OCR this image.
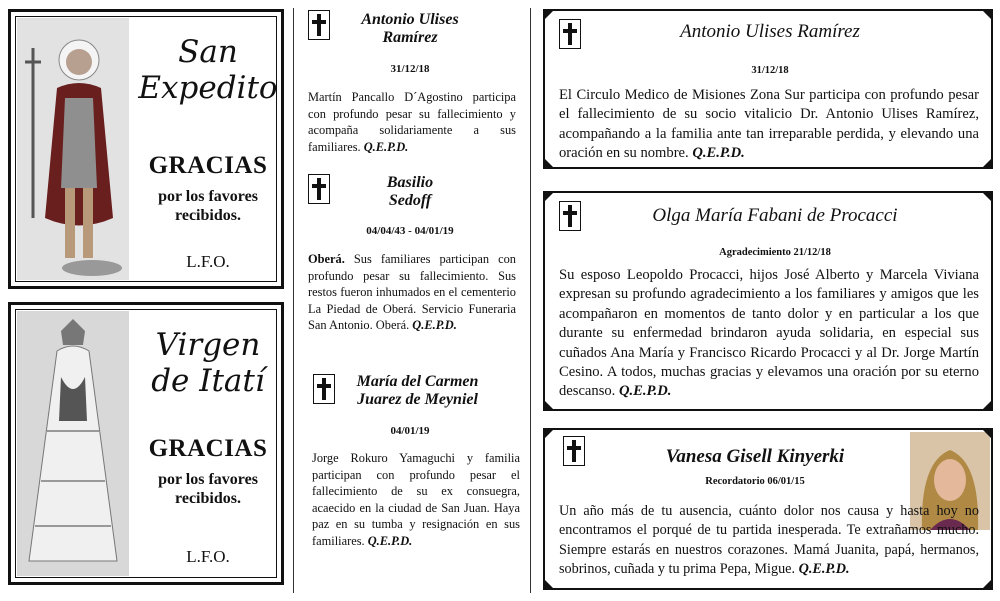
San Expedito
GRACIAS
por los favores recibidos.
L.F.O.
Virgen de Itatí
GRACIAS
por los favores recibidos.
L.F.O.
Antonio Ulises
Ramírez
31/12/18
Martín Pancallo D´Agostino participa con profundo pesar su fallecimiento y acompaña solidariamente a sus familiares. Q.E.P.D.
Basilio
Sedoff
04/04/43 - 04/01/19
Oberá. Sus familiares participan con profundo pesar su fallecimiento. Sus restos fueron inhumados en el cementerio La Piedad de Oberá. Servicio Funeraria San Antonio. Oberá. Q.E.P.D.
María del Carmen
Juarez de Meyniel
04/01/19
Jorge Rokuro Yamaguchi y familia participan con profundo pesar el fallecimiento de su ex consuegra, acaecido en la ciudad de San Juan. Haya paz en su tumba y resignación en sus familiares. Q.E.P.D.
Antonio Ulises Ramírez
31/12/18
El Circulo Medico de Misiones Zona Sur participa con profundo pesar el fallecimiento de su socio vitalicio Dr. Antonio Ulises Ramírez, acompañando a la familia ante tan irreparable perdida, y elevando una oración en su nombre. Q.E.P.D.
Olga María Fabani de Procacci
Agradecimiento 21/12/18
Su esposo Leopoldo Procacci, hijos José Alberto y Marcela Viviana expresan su profundo agradecimiento a los familiares y amigos que les acompañaron en momentos de tanto dolor y en particular a los que durante su enfermedad brindaron ayuda solidaria, en especial sus cuñados Ana María y Francisco Ricardo Procacci y al Dr. Jorge Martín Cesino. A todos, muchas gracias y elevamos una oración por su eterno descanso. Q.E.P.D.
Vanesa Gisell Kinyerki
Recordatorio 06/01/15
Un año más de tu ausencia, cuánto dolor nos causa y hasta hoy no encontramos el porqué de tu partida inesperada. Te extrañamos mucho. Siempre estarás en nuestros corazones. Mamá Juanita, papá, hermanos, sobrinos, cuñada y tu prima Pepa, Migue. Q.E.P.D.
